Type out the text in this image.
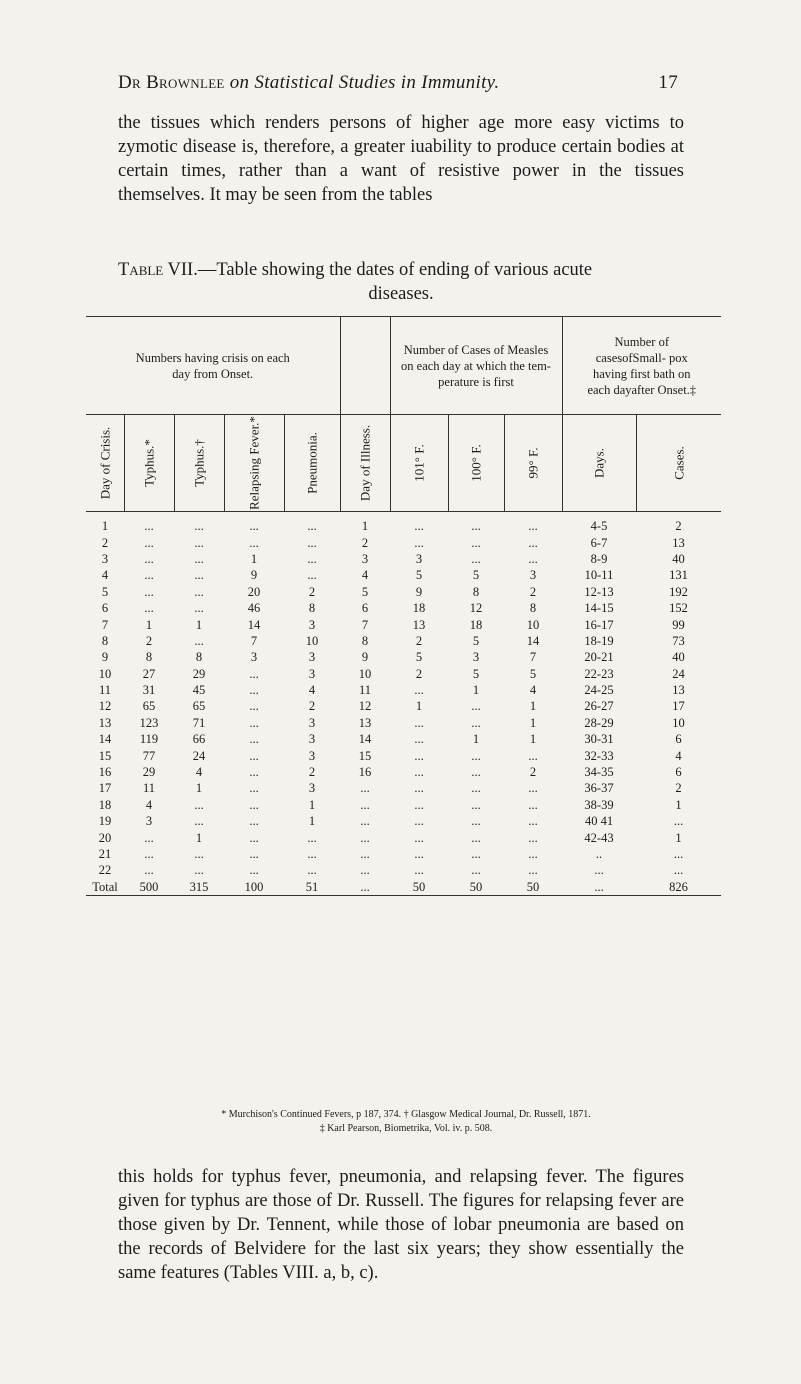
Dr Brownlee on Statistical Studies in Immunity.	17

the tissues which renders persons of higher age more easy victims to zymotic disease is, therefore, a greater iuability to produce certain bodies at certain times, rather than a want of resistive power in the tissues themselves. It may be seen from the tables

Table VII.—Table showing the dates of ending of various acute
diseases.
Numbers having crisis on each day from Onset.						Number of Cases of Measles on each day at which the tem- perature is first			Number of casesofSmall- pox having first bath on each dayafter Onset.‡	

Day of Crisis.	Typhus.*	Typhus.†	Relapsing Fever.*	Pneumonia.	Day of Illness.	101° F.	100° F.	99° F.	Days.	Cases.

1	...	...	...	...	1	...	...	...	4-5	2
2	...	...	...	...	2	...	...	...	6-7	13
3	...	...	1	...	3	3	...	...	8-9	40
4	...	...	9	...	4	5	5	3	10-11	131
5	...	...	20	2	5	9	8	2	12-13	192
6	...	...	46	8	6	18	12	8	14-15	152
7	1	1	14	3	7	13	18	10	16-17	99
8	2	...	7	10	8	2	5	14	18-19	73
9	8	8	3	3	9	5	3	7	20-21	40
10	27	29	...	3	10	2	5	5	22-23	24
11	31	45	...	4	11	...	1	4	24-25	13
12	65	65	...	2	12	1	...	1	26-27	17
13	123	71	...	3	13	...	...	1	28-29	10
14	119	66	...	3	14	...	1	1	30-31	6
15	77	24	...	3	15	...	...	...	32-33	4
16	29	4	...	2	16	...	...	2	34-35	6
17	11	1	...	3	...	...	...	...	36-37	2
18	4	...	...	1	...	...	...	...	38-39	1
19	3	...	...	1	...	...	...	...	40 41	...
20	...	1	...	...	...	...	...	...	42-43	1
21	...	...	...	...	...	...	...	...	..	...
22	...	...	...	...	...	...	...	...	...	...
Total	500	315	100	51	...	50	50	50	...	826
* Murchison's Continued Fevers, p 187, 374. † Glasgow Medical Journal, Dr. Russell, 1871.
‡ Karl Pearson, Biometrika, Vol. iv. p. 508.

this holds for typhus fever, pneumonia, and relapsing fever. The figures given for typhus are those of Dr. Russell. The figures for relapsing fever are those given by Dr. Tennent, while those of lobar pneumonia are based on the records of Belvidere for the last six years; they show essentially the same features (Tables VIII. a, b, c).
